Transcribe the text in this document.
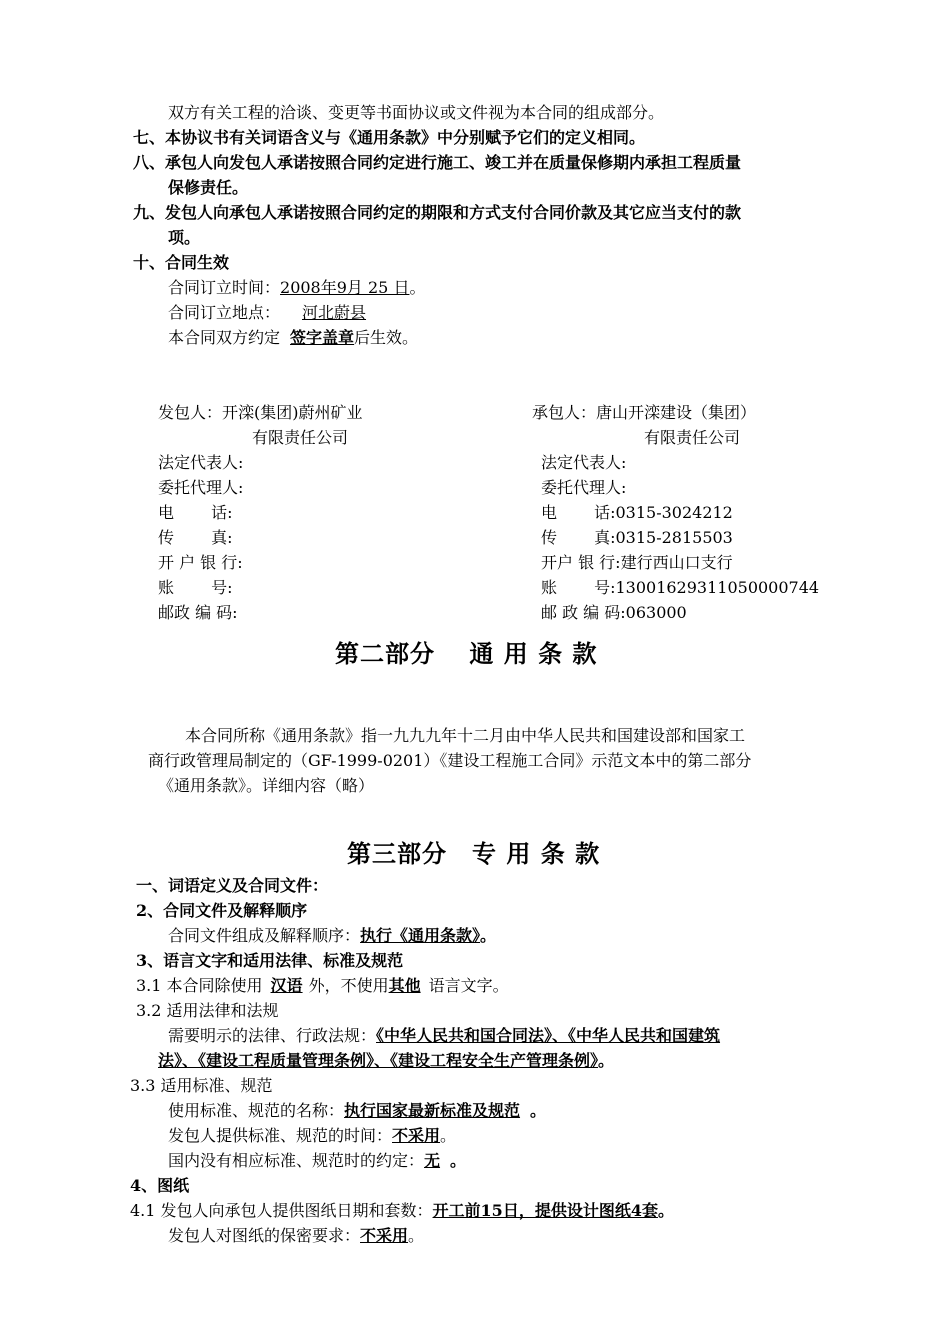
双方有关工程的洽谈、变更等书面协议或文件视为本合同的组成部分。
七、本协议书有关词语含义与《通用条款》中分别赋予它们的定义相同。
八、承包人向发包人承诺按照合同约定进行施工、竣工并在质量保修期内承担工程质量
保修责任。
九、发包人向承包人承诺按照合同约定的期限和方式支付合同价款及其它应当支付的款
项。
十、合同生效
合同订立时间：2008年9月 25 日。
合同订立地点： 河北蔚县
本合同双方约定 签字盖章后生效。
发包人：开滦(集团)蔚州矿业
有限责任公司
法定代表人:
委托代理人:
电　　 话:
传　　 真:
开 户 银 行:
账　　 号:
邮政 编 码:
承包人：唐山开滦建设（集团）
有限责任公司
法定代表人:
委托代理人:
电　　 话:0315-3024212
传　　 真:0315-2815503
开户 银 行:建行西山口支行
账　　 号:13001629311050000744
邮 政 编 码:063000
第二部分　 通 用 条 款
本合同所称《通用条款》指一九九九年十二月由中华人民共和国建设部和国家工
商行政管理局制定的（GF-1999-0201）《建设工程施工合同》示范文本中的第二部分
《通用条款》。详细内容（略）
第三部分　专 用 条 款
一、词语定义及合同文件：
2、合同文件及解释顺序
合同文件组成及解释顺序：执行《通用条款》。
3、语言文字和适用法律、标准及规范
3.1 本合同除使用 汉语 外，不使用其他 语言文字。
3.2 适用法律和法规
需要明示的法律、行政法规：《中华人民共和国合同法》、《中华人民共和国建筑
法》、《建设工程质量管理条例》、《建设工程安全生产管理条例》。
3.3 适用标准、规范
使用标准、规范的名称：执行国家最新标准及规范 。
发包人提供标准、规范的时间：不采用。
国内没有相应标准、规范时的约定：无 。
4、图纸
4.1 发包人向承包人提供图纸日期和套数：开工前15日，提供设计图纸4套。
发包人对图纸的保密要求：不采用。
